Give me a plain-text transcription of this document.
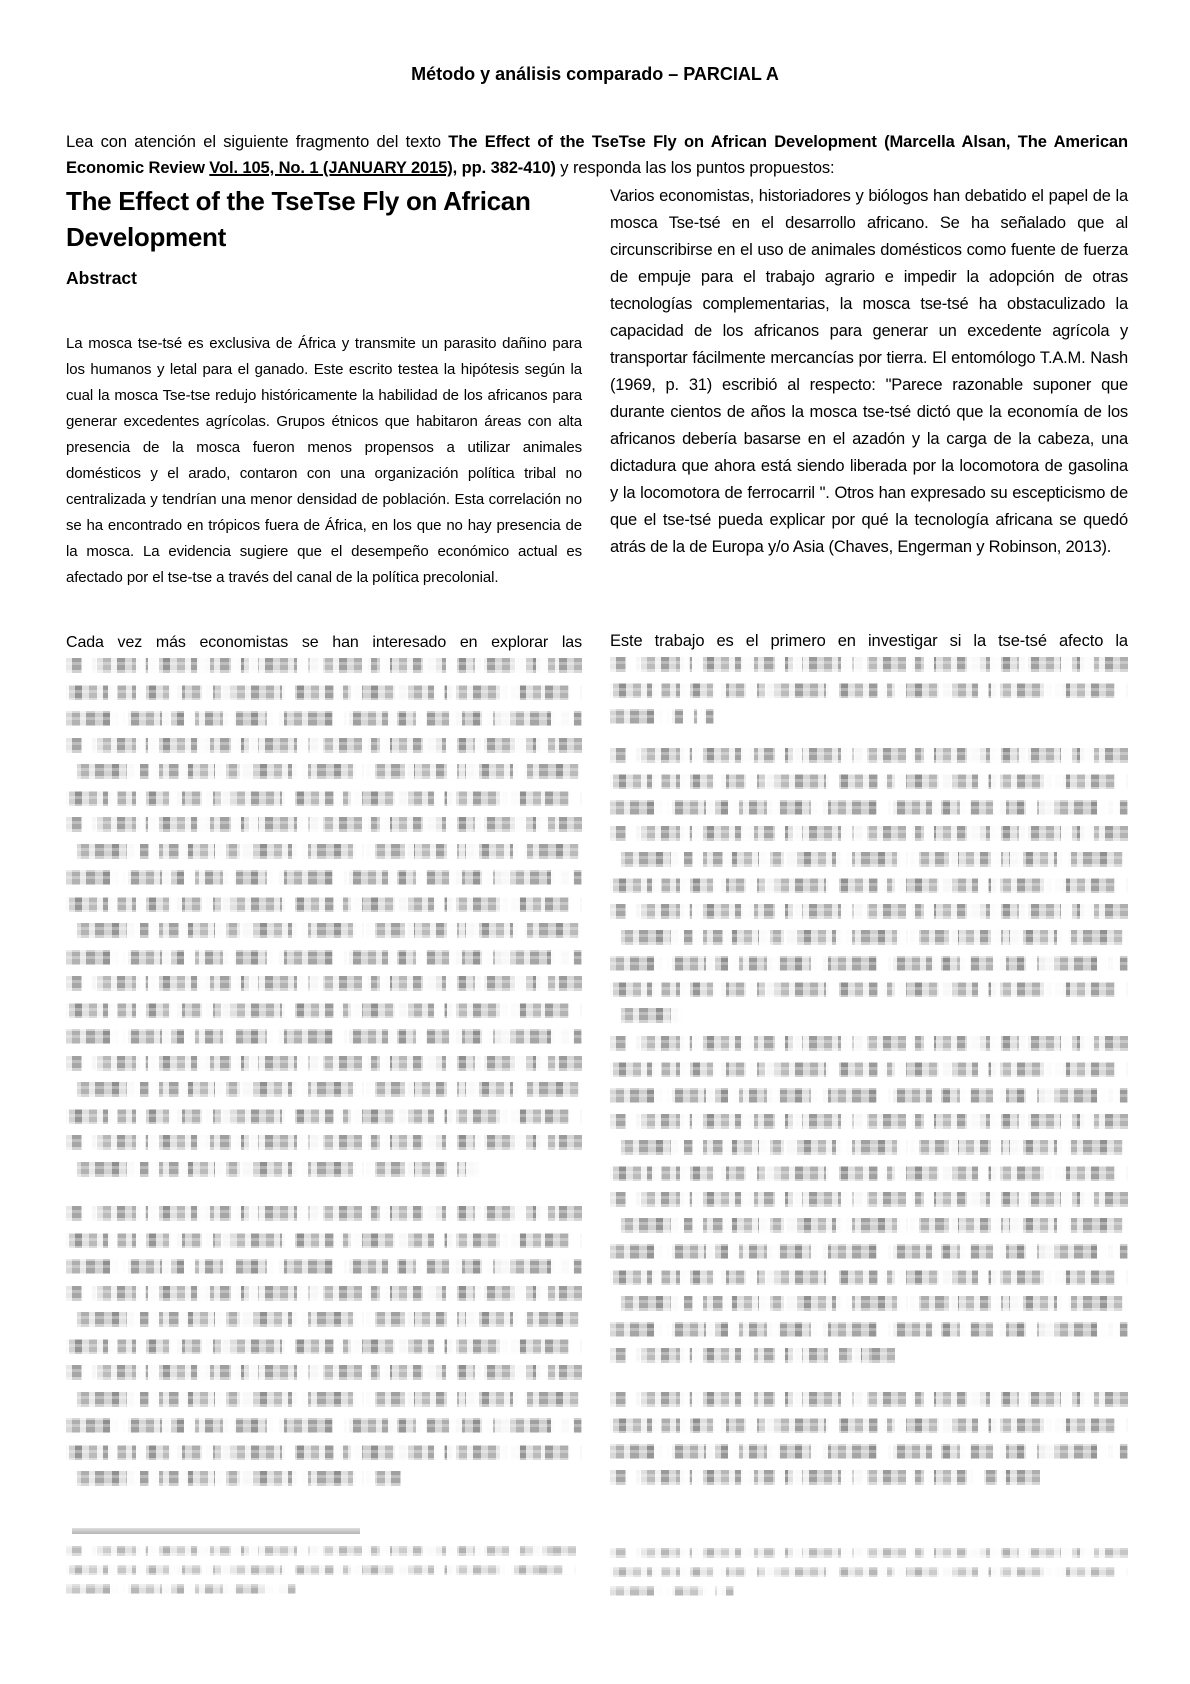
Método y análisis comparado – PARCIAL A

Lea con atención el siguiente fragmento del texto The Effect of the TseTse Fly on African Development (Marcella Alsan, The American Economic Review Vol. 105, No. 1 (JANUARY 2015), pp. 382-410) y responda las los puntos propuestos:

The Effect of the TseTse Fly on African Development
Abstract

La mosca tse-tsé es exclusiva de África y transmite un parasito dañino para los humanos y letal para el ganado. Este escrito testea la hipótesis según la cual la mosca Tse-tse redujo históricamente la habilidad de los africanos para generar excedentes agrícolas. Grupos étnicos que habitaron áreas con alta presencia de la mosca fueron menos propensos a utilizar animales domésticos y el arado, contaron con una organización política tribal no centralizada y tendrían una menor densidad de población. Esta correlación no se ha encontrado en trópicos fuera de África, en los que no hay presencia de la mosca. La evidencia sugiere que el desempeño económico actual es afectado por el tse-tse a través del canal de la política precolonial.

Cada vez más economistas se han interesado en explorar las

Varios economistas, historiadores y biólogos han debatido el papel de la mosca Tse-tsé en el desarrollo africano. Se ha señalado que al circunscribirse en el uso de animales domésticos como fuente de fuerza de empuje para el trabajo agrario e impedir la adopción de otras tecnologías complementarias, la mosca tse-tsé ha obstaculizado la capacidad de los africanos para generar un excedente agrícola y transportar fácilmente mercancías por tierra. El entomólogo T.A.M. Nash (1969, p. 31) escribió al respecto: "Parece razonable suponer que durante cientos de años la mosca tse-tsé dictó que la economía de los africanos debería basarse en el azadón y la carga de la cabeza, una dictadura que ahora está siendo liberada por la locomotora de gasolina y la locomotora de ferrocarril ". Otros han expresado su escepticismo de que el tse-tsé pueda explicar por qué la tecnología africana se quedó atrás de la de Europa y/o Asia (Chaves, Engerman y Robinson, 2013).

Este trabajo es el primero en investigar si la tse-tsé afecto la
